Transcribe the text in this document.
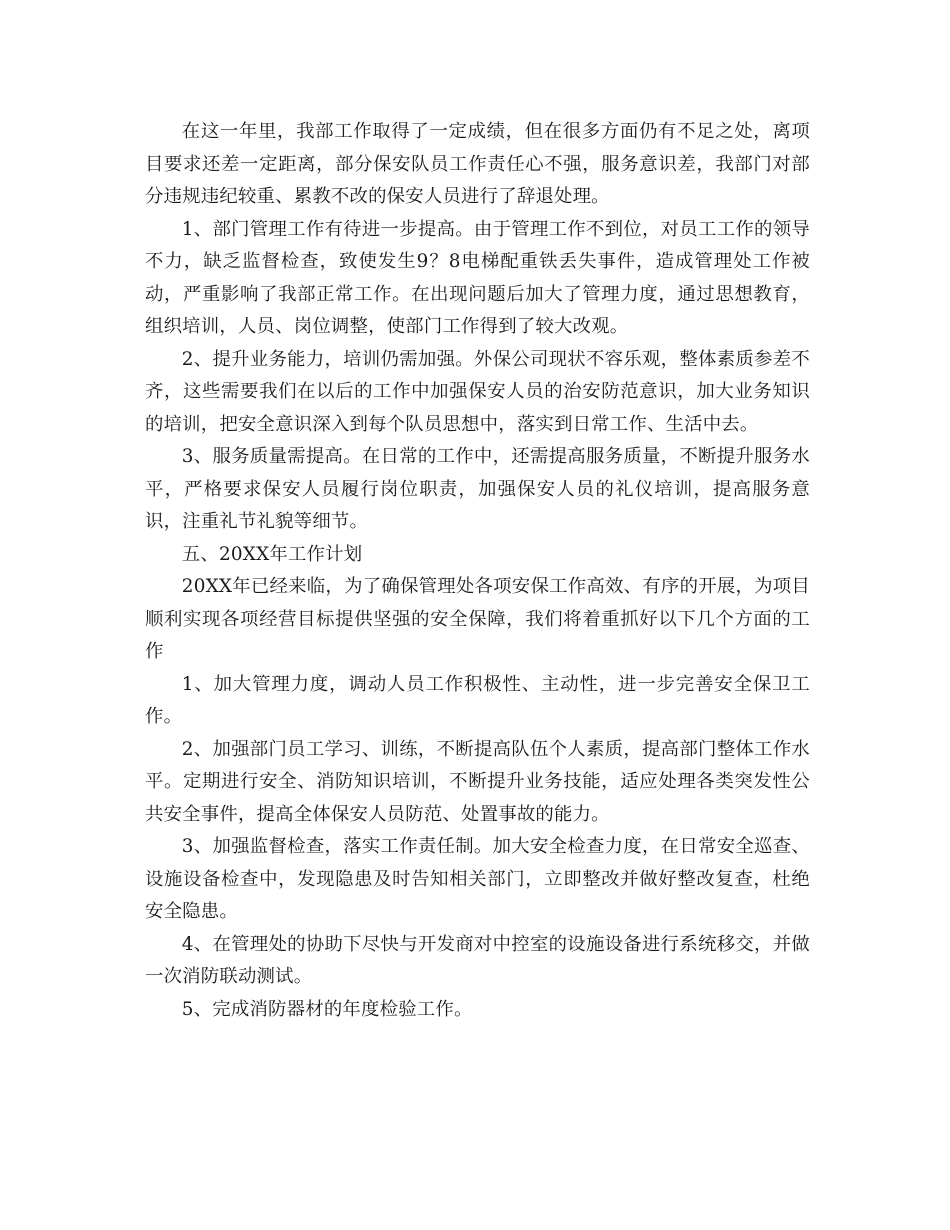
在这一年里，我部工作取得了一定成绩，但在很多方面仍有不足之处，离项目要求还差一定距离，部分保安队员工作责任心不强，服务意识差，我部门对部分违规违纪较重、累教不改的保安人员进行了辞退处理。

1、部门管理工作有待进一步提高。由于管理工作不到位，对员工工作的领导不力，缺乏监督检查，致使发生9？8电梯配重铁丢失事件，造成管理处工作被动，严重影响了我部正常工作。在出现问题后加大了管理力度，通过思想教育，组织培训，人员、岗位调整，使部门工作得到了较大改观。

2、提升业务能力，培训仍需加强。外保公司现状不容乐观，整体素质参差不齐，这些需要我们在以后的工作中加强保安人员的治安防范意识，加大业务知识的培训，把安全意识深入到每个队员思想中，落实到日常工作、生活中去。

3、服务质量需提高。在日常的工作中，还需提高服务质量，不断提升服务水平，严格要求保安人员履行岗位职责，加强保安人员的礼仪培训，提高服务意识，注重礼节礼貌等细节。

五、20XX年工作计划

20XX年已经来临，为了确保管理处各项安保工作高效、有序的开展，为项目顺利实现各项经营目标提供坚强的安全保障，我们将着重抓好以下几个方面的工作

1、加大管理力度，调动人员工作积极性、主动性，进一步完善安全保卫工作。

2、加强部门员工学习、训练，不断提高队伍个人素质，提高部门整体工作水平。定期进行安全、消防知识培训，不断提升业务技能，适应处理各类突发性公共安全事件，提高全体保安人员防范、处置事故的能力。

3、加强监督检查，落实工作责任制。加大安全检查力度，在日常安全巡查、设施设备检查中，发现隐患及时告知相关部门，立即整改并做好整改复查，杜绝安全隐患。

4、在管理处的协助下尽快与开发商对中控室的设施设备进行系统移交，并做一次消防联动测试。

5、完成消防器材的年度检验工作。
